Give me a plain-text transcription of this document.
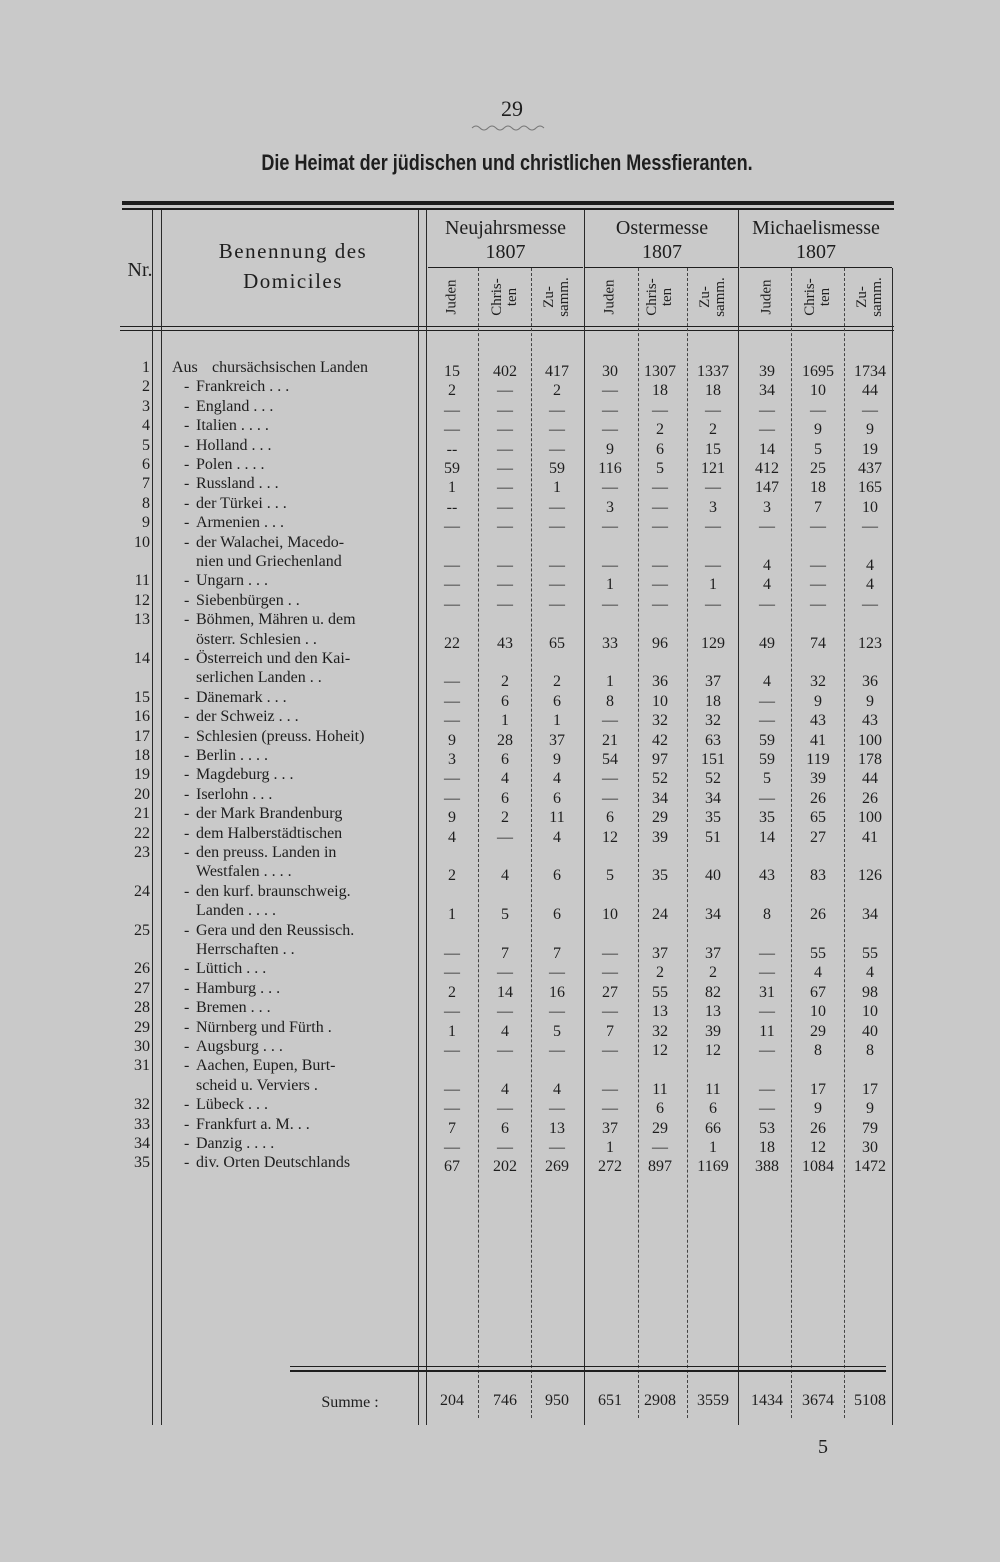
29
Die Heimat der jüdischen und christlichen Messfieranten.
Nr.
Benennung des
Domiciles
Neujahrsmesse
1807
Ostermesse
1807
Michaelismesse
1807
Juden Chris-
ten Zu-
samm. Juden Chris-
ten Zu-
samm. Juden Chris-
ten Zu-
samm.
1 Aus chursächsischen Landen	15	402	417	30	1307	1337	39	1695	1734
2	- Frankreich . . .	2	—	2	—	18	18	34	10	44
3	- England . . .	—	—	—	—	—	—	—	—	—
4	- Italien . . . .	—	—	—	—	2	2	—	9	9
5	- Holland . . .	--	—	—	9	6	15	14	5	19
6	- Polen . . . .	59	—	59	116	5	121	412	25	437
7	- Russland . . .	1	—	1	—	—	—	147	18	165
8	- der Türkei . . .	--	—	—	3	—	3	3	7	10
9	- Armenien . . .	—	—	—	—	—	—	—	—	—
10	- der Walachei, Macedo-
nien und Griechenland	—	—	—	—	—	—	4	—	4
11	- Ungarn . . .	—	—	—	1	—	1	4	—	4
12	- Siebenbürgen . .	—	—	—	—	—	—	—	—	—
13	- Böhmen, Mähren u. dem
österr. Schlesien . .	22	43	65	33	96	129	49	74	123
14	- Österreich und den Kai-
serlichen Landen . .	—	2	2	1	36	37	4	32	36
15	- Dänemark . . .	—	6	6	8	10	18	—	9	9
16	- der Schweiz . . .	—	1	1	—	32	32	—	43	43
17	- Schlesien (preuss. Hoheit)	9	28	37	21	42	63	59	41	100
18	- Berlin . . . .	3	6	9	54	97	151	59	119	178
19	- Magdeburg . . .	—	4	4	—	52	52	5	39	44
20	- Iserlohn . . .	—	6	6	—	34	34	—	26	26
21	- der Mark Brandenburg	9	2	11	6	29	35	35	65	100
22	- dem Halberstädtischen	4	—	4	12	39	51	14	27	41
23	- den preuss. Landen in
Westfalen . . . .	2	4	6	5	35	40	43	83	126
24	- den kurf. braunschweig.
Landen . . . .	1	5	6	10	24	34	8	26	34
25	- Gera und den Reussisch.
Herrschaften . .	—	7	7	—	37	37	—	55	55
26	- Lüttich . . .	—	—	—	—	2	2	—	4	4
27	- Hamburg . . .	2	14	16	27	55	82	31	67	98
28	- Bremen . . .	—	—	—	—	13	13	—	10	10
29	- Nürnberg und Fürth .	1	4	5	7	32	39	11	29	40
30	- Augsburg . . .	—	—	—	—	12	12	—	8	8
31	- Aachen, Eupen, Burt-
scheid u. Verviers .	—	4	4	—	11	11	—	17	17
32	- Lübeck . . .	—	—	—	—	6	6	—	9	9
33	- Frankfurt a. M. . .	7	6	13	37	29	66	53	26	79
34	- Danzig . . . .	—	—	—	1	—	1	18	12	30
35	- div. Orten Deutschlands	67	202	269	272	897	1169	388	1084	1472
Summe :	204	746	950	651	2908	3559	1434	3674	5108
5
